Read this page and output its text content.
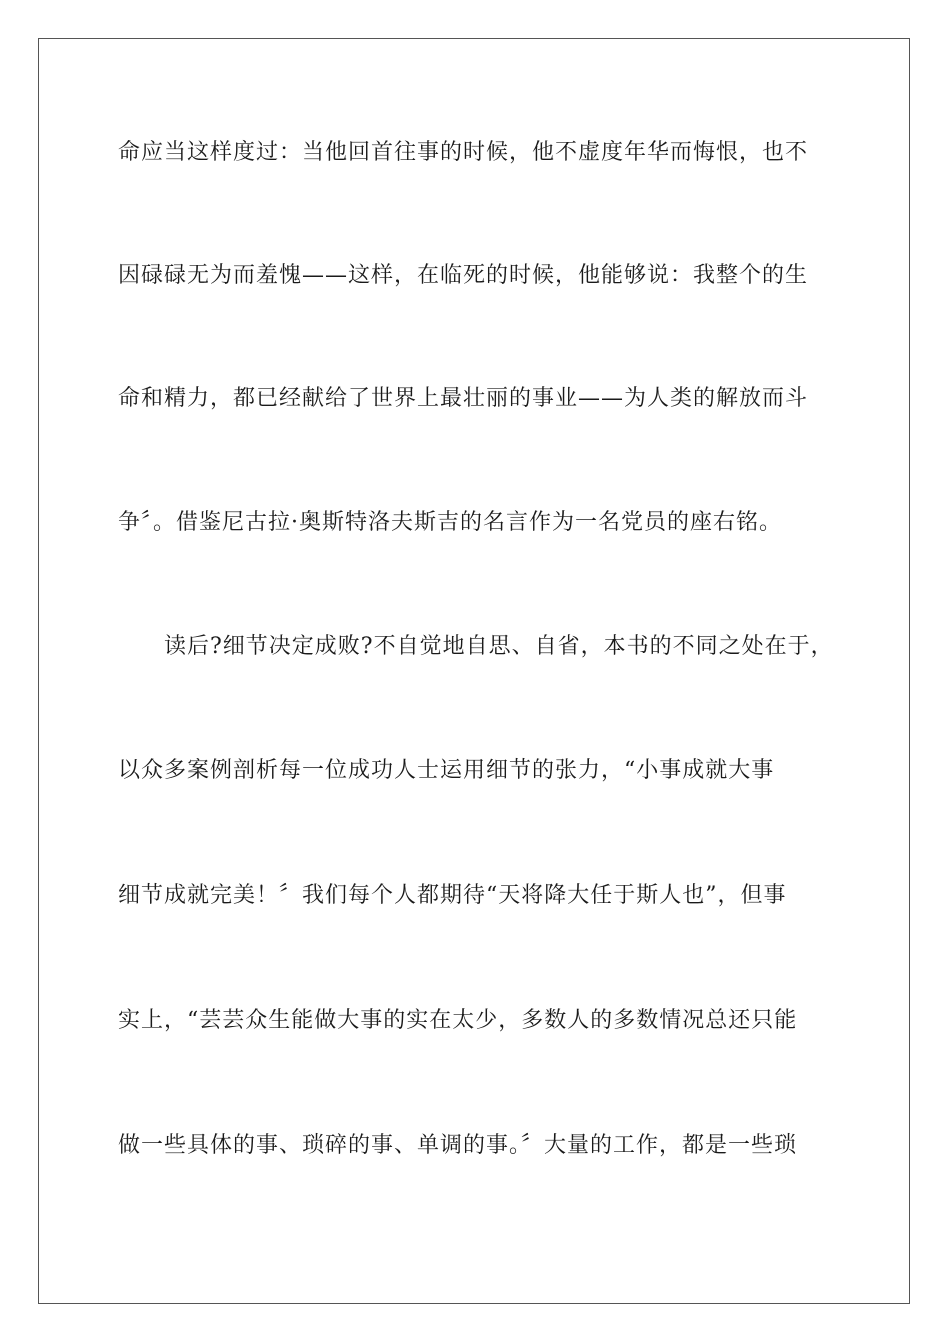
命应当这样度过：当他回首往事的时候，他不虚度年华而悔恨，也不
因碌碌无为而羞愧——这样，在临死的时候，他能够说：我整个的生
命和精力，都已经献给了世界上最壮丽的事业——为人类的解放而斗
争〞。借鉴尼古拉·奥斯特洛夫斯吉的名言作为一名党员的座右铭。
读后?细节决定成败?不自觉地自思、自省，本书的不同之处在于，
以众多案例剖析每一位成功人士运用细节的张力，“小事成就大事
细节成就完美！〞我们每个人都期待“天将降大任于斯人也”，但事
实上，“芸芸众生能做大事的实在太少，多数人的多数情况总还只能
做一些具体的事、琐碎的事、单调的事。〞大量的工作，都是一些琐
